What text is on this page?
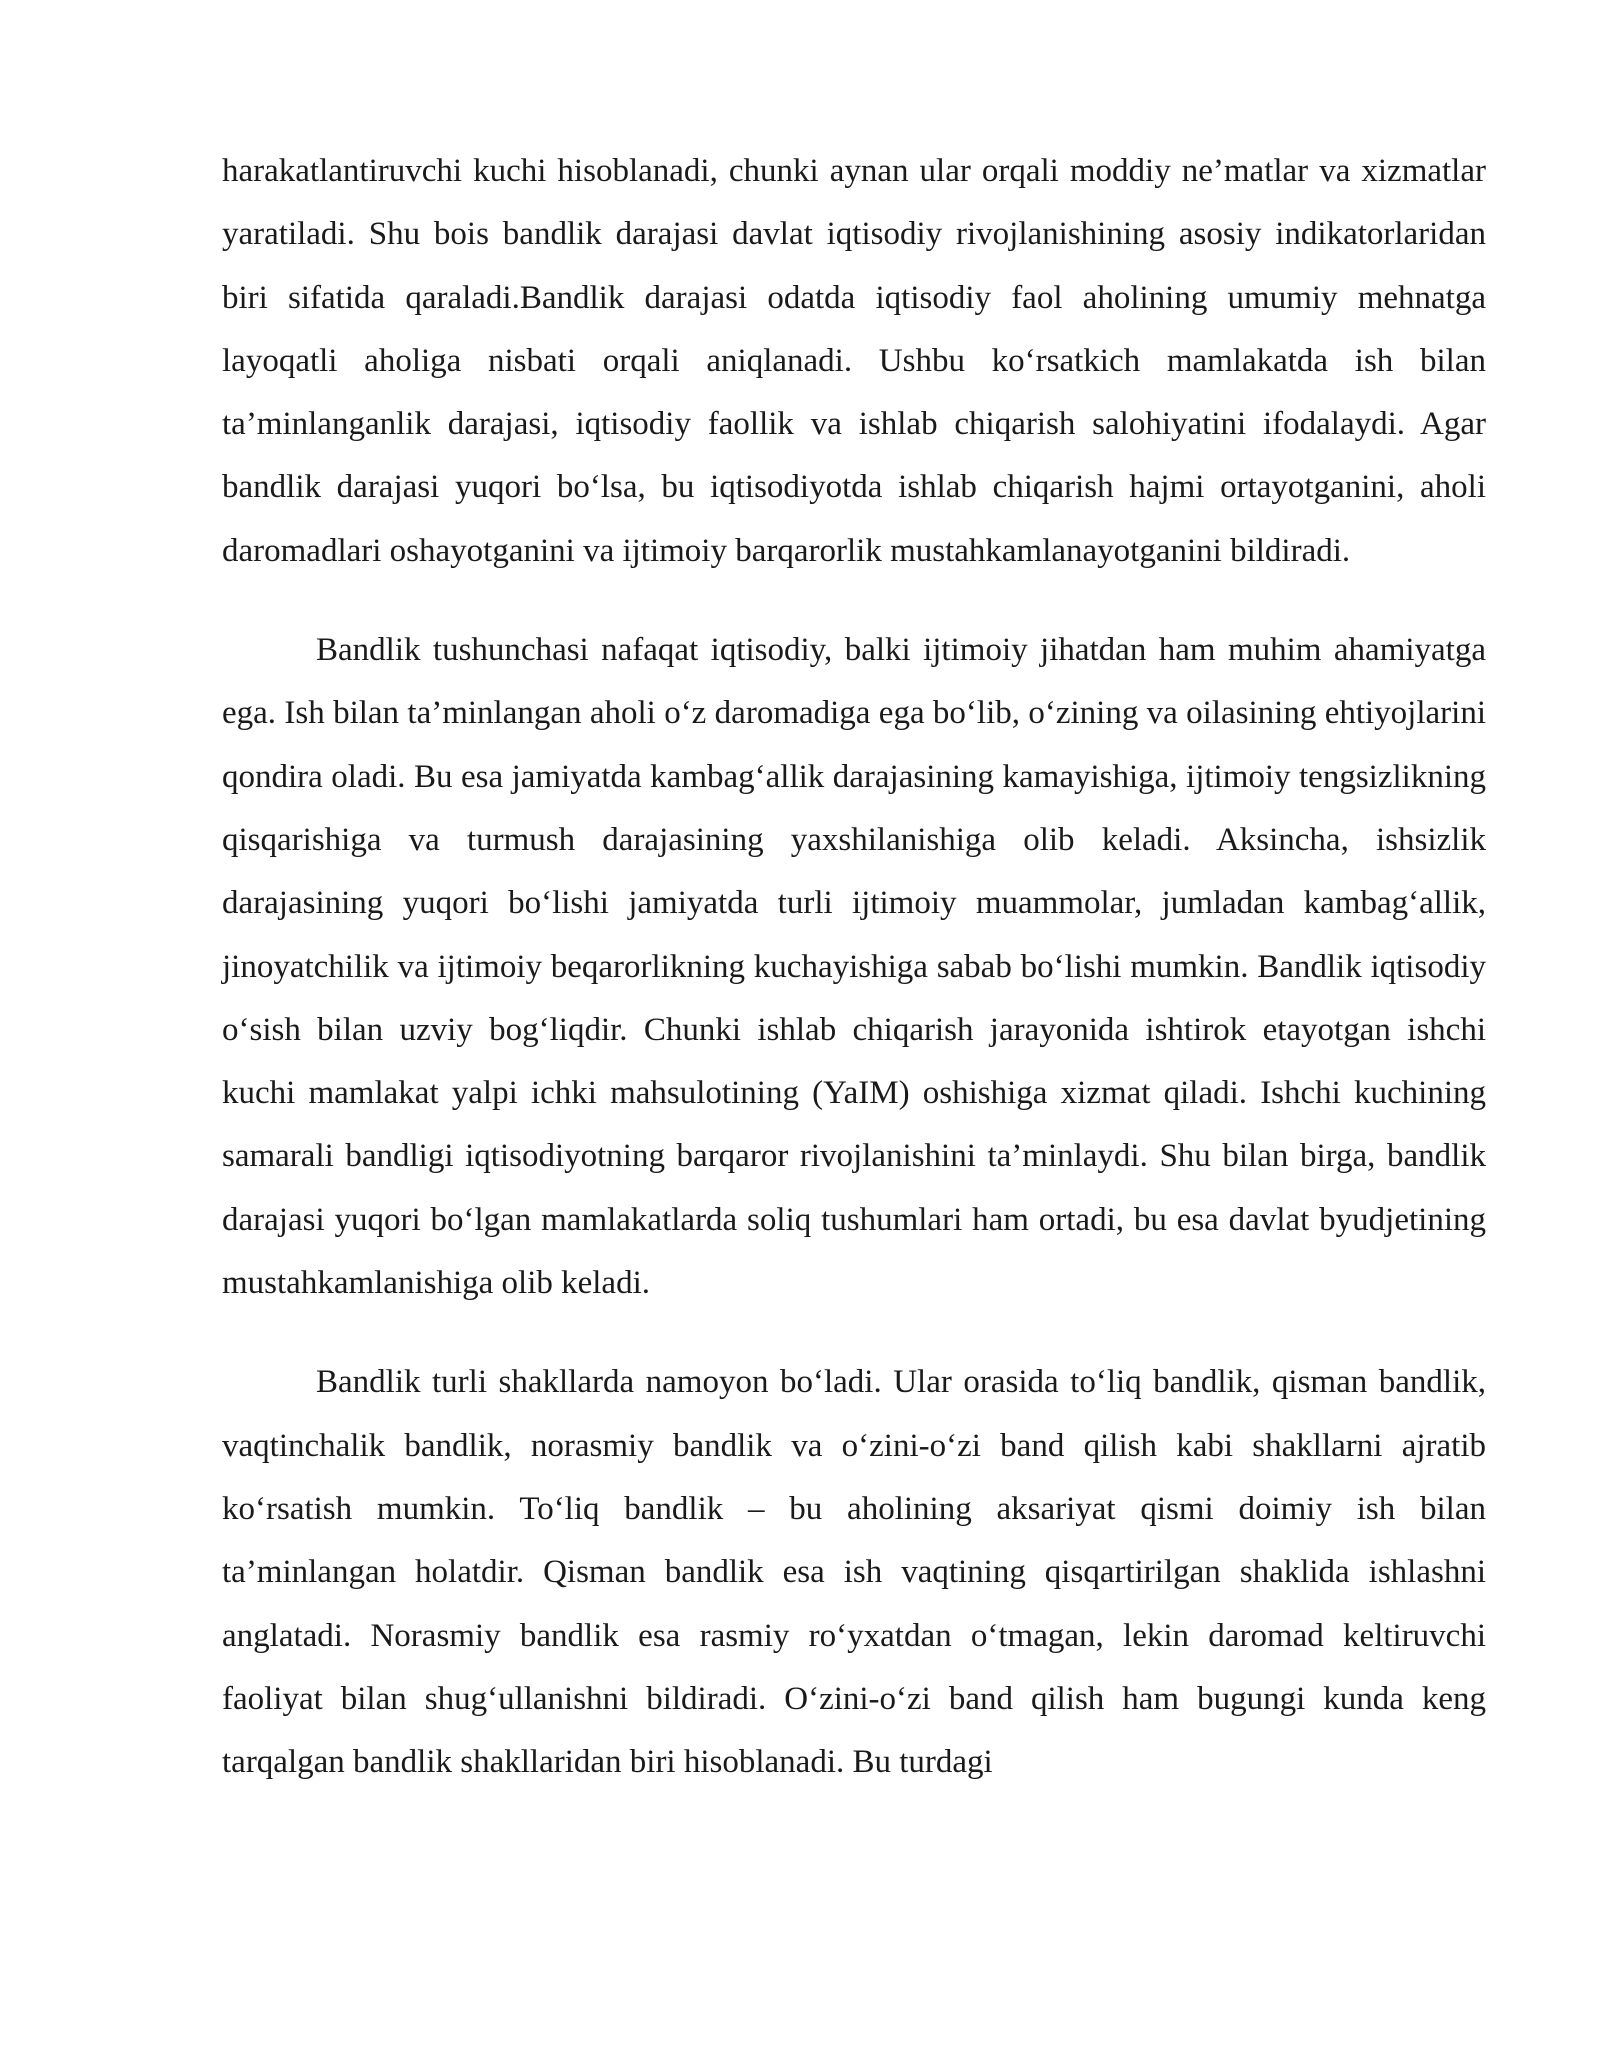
harakatlantiruvchi kuchi hisoblanadi, chunki aynan ular orqali moddiy ne’matlar va xizmatlar yaratiladi. Shu bois bandlik darajasi davlat iqtisodiy rivojlanishining asosiy indikatorlaridan biri sifatida qaraladi.Bandlik darajasi odatda iqtisodiy faol aholining umumiy mehnatga layoqatli aholiga nisbati orqali aniqlanadi. Ushbu ko‘rsatkich mamlakatda ish bilan ta’minlanganlik darajasi, iqtisodiy faollik va ishlab chiqarish salohiyatini ifodalaydi. Agar bandlik darajasi yuqori bo‘lsa, bu iqtisodiyotda ishlab chiqarish hajmi ortayotganini, aholi daromadlari oshayotganini va ijtimoiy barqarorlik mustahkamlanayotganini bildiradi.

Bandlik tushunchasi nafaqat iqtisodiy, balki ijtimoiy jihatdan ham muhim ahamiyatga ega. Ish bilan ta’minlangan aholi o‘z daromadiga ega bo‘lib, o‘zining va oilasining ehtiyojlarini qondira oladi. Bu esa jamiyatda kambag‘allik darajasining kamayishiga, ijtimoiy tengsizlikning qisqarishiga va turmush darajasining yaxshilanishiga olib keladi. Aksincha, ishsizlik darajasining yuqori bo‘lishi jamiyatda turli ijtimoiy muammolar, jumladan kambag‘allik, jinoyatchilik va ijtimoiy beqarorlikning kuchayishiga sabab bo‘lishi mumkin. Bandlik iqtisodiy o‘sish bilan uzviy bog‘liqdir. Chunki ishlab chiqarish jarayonida ishtirok etayotgan ishchi kuchi mamlakat yalpi ichki mahsulotining (YaIM) oshishiga xizmat qiladi. Ishchi kuchining samarali bandligi iqtisodiyotning barqaror rivojlanishini ta’minlaydi. Shu bilan birga, bandlik darajasi yuqori bo‘lgan mamlakatlarda soliq tushumlari ham ortadi, bu esa davlat byudjetining mustahkamlanishiga olib keladi.

Bandlik turli shakllarda namoyon bo‘ladi. Ular orasida to‘liq bandlik, qisman bandlik, vaqtinchalik bandlik, norasmiy bandlik va o‘zini-o‘zi band qilish kabi shakllarni ajratib ko‘rsatish mumkin. To‘liq bandlik – bu aholining aksariyat qismi doimiy ish bilan ta’minlangan holatdir. Qisman bandlik esa ish vaqtining qisqartirilgan shaklida ishlashni anglatadi. Norasmiy bandlik esa rasmiy ro‘yxatdan o‘tmagan, lekin daromad keltiruvchi faoliyat bilan shug‘ullanishni bildiradi. O‘zini-o‘zi band qilish ham bugungi kunda keng tarqalgan bandlik shakllaridan biri hisoblanadi. Bu turdagi
